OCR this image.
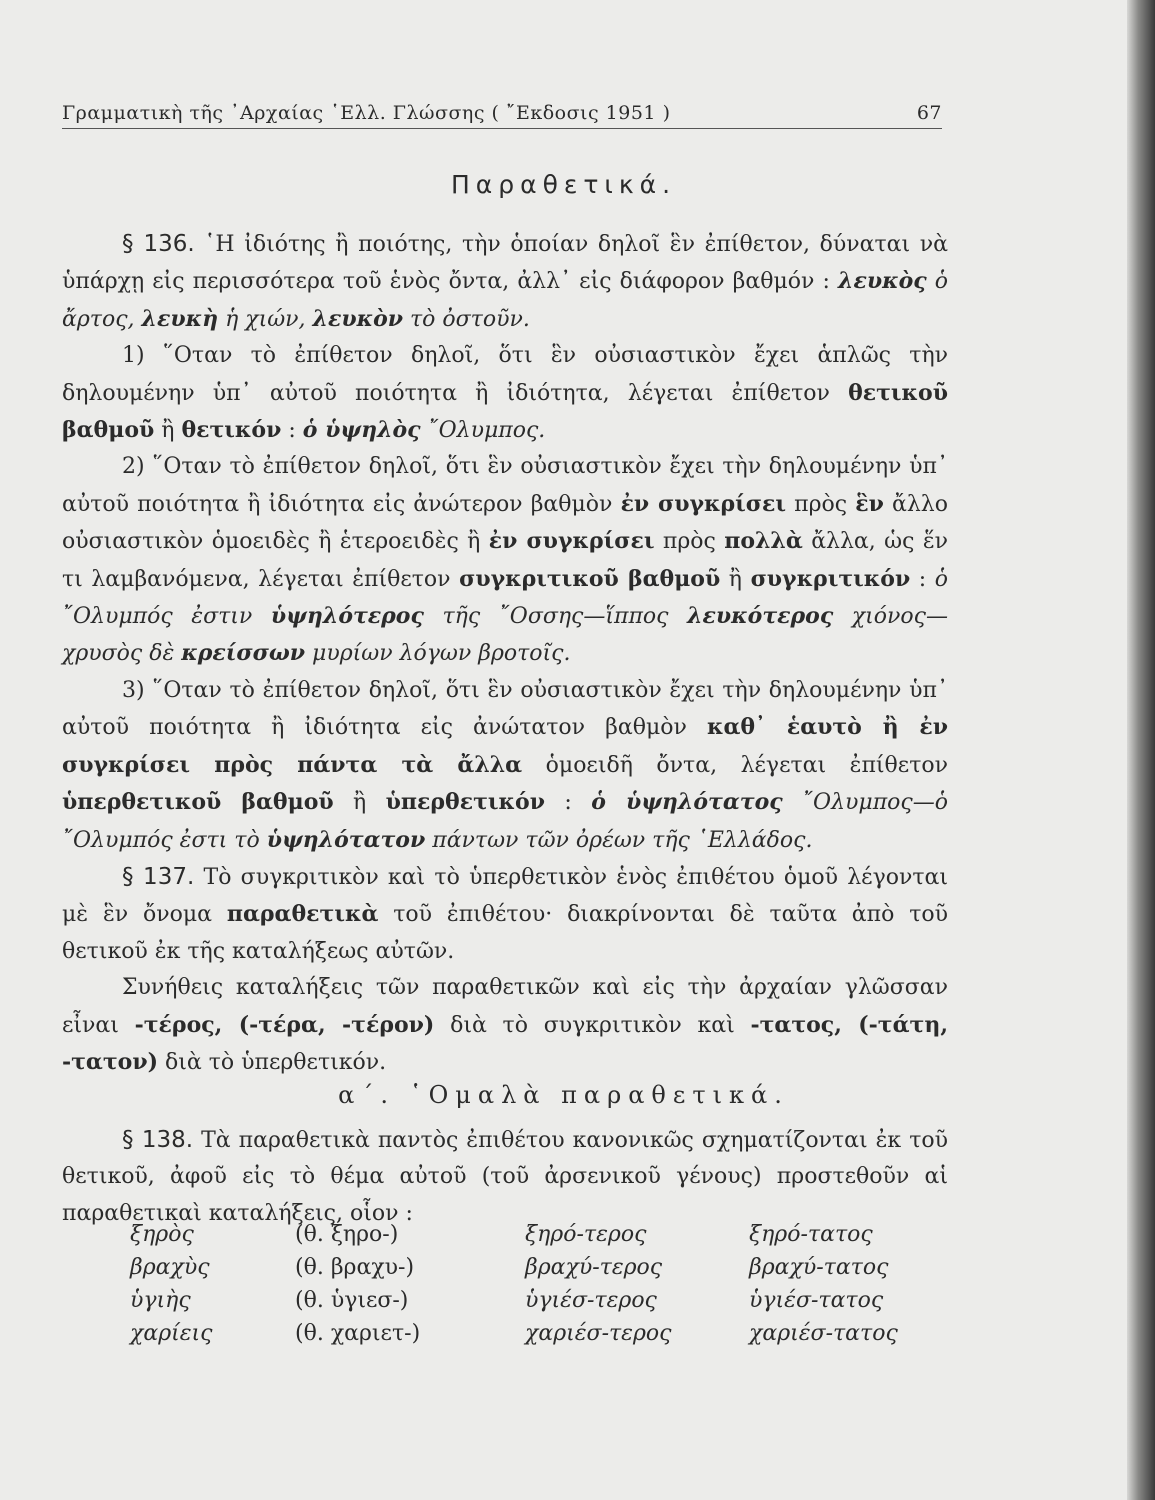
Γραμματικὴ τῆς ᾿Αρχαίας ῾Ελλ. Γλώσσης ( ῎Εκδοσις 1951 )	67
Παραθετικά.

§ 136. ῾Η ἰδιότης ἢ ποιότης, τὴν ὁποίαν δηλοῖ ἓν ἐπίθετον, δύναται νὰ ὑπάρχῃ εἰς περισσότερα τοῦ ἑνὸς ὄντα, ἀλλ᾿ εἰς διάφορον βαθμόν : λευκὸς ὁ ἄρτος, λευκὴ ἡ χιών, λευκὸν τὸ ὀστοῦν.

1) ῞Οταν τὸ ἐπίθετον δηλοῖ, ὅτι ἓν οὐσιαστικὸν ἔχει ἁπλῶς τὴν δηλουμένην ὑπ᾿ αὐτοῦ ποιότητα ἢ ἰδιότητα, λέγεται ἐπίθετον θετικοῦ βαθμοῦ ἢ θετικόν : ὁ ὑψηλὸς ῎Ολυμπος.

2) ῞Οταν τὸ ἐπίθετον δηλοῖ, ὅτι ἓν οὐσιαστικὸν ἔχει τὴν δηλουμένην ὑπ᾿ αὐτοῦ ποιότητα ἢ ἰδιότητα εἰς ἀνώτερον βαθμὸν ἐν συγκρίσει πρὸς ἓν ἄλλο οὐσιαστικὸν ὁμοειδὲς ἢ ἑτεροειδὲς ἢ ἐν συγκρίσει πρὸς πολλὰ ἄλλα, ὡς ἕν τι λαμβανόμενα, λέγεται ἐπίθετον συγκριτικοῦ βαθμοῦ ἢ συγκριτικόν : ὁ ῎Ολυμπός ἐστιν ὑψηλότερος τῆς ῎Οσσης—ἵππος λευκότερος χιόνος—χρυσὸς δὲ κρείσσων μυρίων λόγων βροτοῖς.

3) ῞Οταν τὸ ἐπίθετον δηλοῖ, ὅτι ἓν οὐσιαστικὸν ἔχει τὴν δηλουμένην ὑπ᾿ αὐτοῦ ποιότητα ἢ ἰδιότητα εἰς ἀνώτατον βαθμὸν καθ᾿ ἑαυτὸ ἢ ἐν συγκρίσει πρὸς πάντα τὰ ἄλλα ὁμοειδῆ ὄντα, λέγεται ἐπίθετον ὑπερθετικοῦ βαθμοῦ ἢ ὑπερθετικόν : ὁ ὑψηλότατος ῎Ολυμπος—ὁ ῎Ολυμπός ἐστι τὸ ὑψηλότατον πάντων τῶν ὀρέων τῆς ῾Ελλάδος.

§ 137. Τὸ συγκριτικὸν καὶ τὸ ὑπερθετικὸν ἑνὸς ἐπιθέτου ὁμοῦ λέγονται μὲ ἓν ὄνομα παραθετικὰ τοῦ ἐπιθέτου· διακρίνονται δὲ ταῦτα ἀπὸ τοῦ θετικοῦ ἐκ τῆς καταλήξεως αὐτῶν.

Συνήθεις καταλήξεις τῶν παραθετικῶν καὶ εἰς τὴν ἀρχαίαν γλῶσσαν εἶναι -τέρος, (-τέρα, -τέρον) διὰ τὸ συγκριτικὸν καὶ -τατος, (-τάτη, -τατον) διὰ τὸ ὑπερθετικόν.

α΄. ῾Ομαλὰ παραθετικά.

§ 138. Τὰ παραθετικὰ παντὸς ἐπιθέτου κανονικῶς σχηματίζονται ἐκ τοῦ θετικοῦ, ἀφοῦ εἰς τὸ θέμα αὐτοῦ (τοῦ ἀρσενικοῦ γένους) προστεθοῦν αἱ παραθετικαὶ καταλήξεις, οἷον :

ξηρὸς	(θ. ξηρο-)	ξηρό-τερος	ξηρό-τατος
βραχὺς	(θ. βραχυ-)	βραχύ-τερος	βραχύ-τατος
ὑγιὴς	(θ. ὑγιεσ-)	ὑγιέσ-τερος	ὑγιέσ-τατος
χαρίεις	(θ. χαριετ-)	χαριέσ-τερος	χαριέσ-τατος
